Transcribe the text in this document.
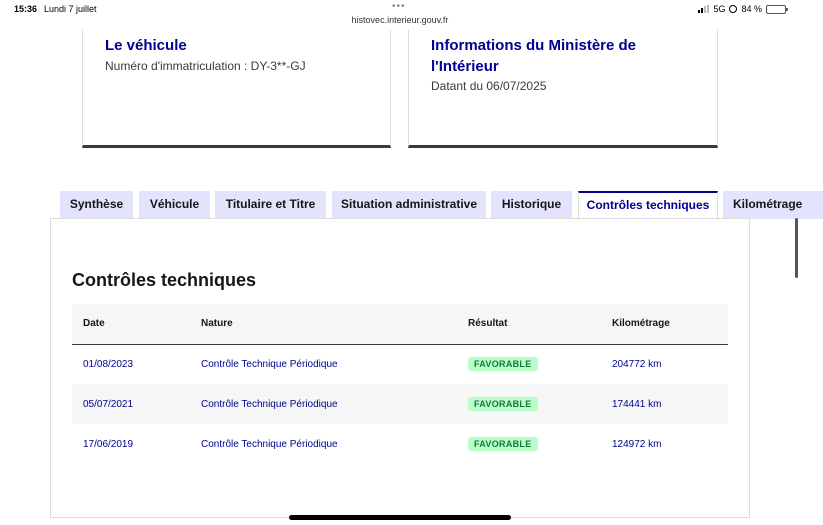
15:36 Lundi 7 juillet	•••
histovec.interieur.gouv.fr
5G 84 %
Le véhicule
Numéro d'immatriculation : DY-3**-GJ
Informations du Ministère de l'Intérieur
Datant du 06/07/2025
Synthèse	Véhicule	Titulaire et Titre	Situation administrative	Historique	Contrôles techniques	Kilométrage
Contrôles techniques
Date	Nature	Résultat	Kilométrage
01/08/2023	Contrôle Technique Périodique	FAVORABLE	204772 km
05/07/2021	Contrôle Technique Périodique	FAVORABLE	174441 km
17/06/2019	Contrôle Technique Périodique	FAVORABLE	124972 km
